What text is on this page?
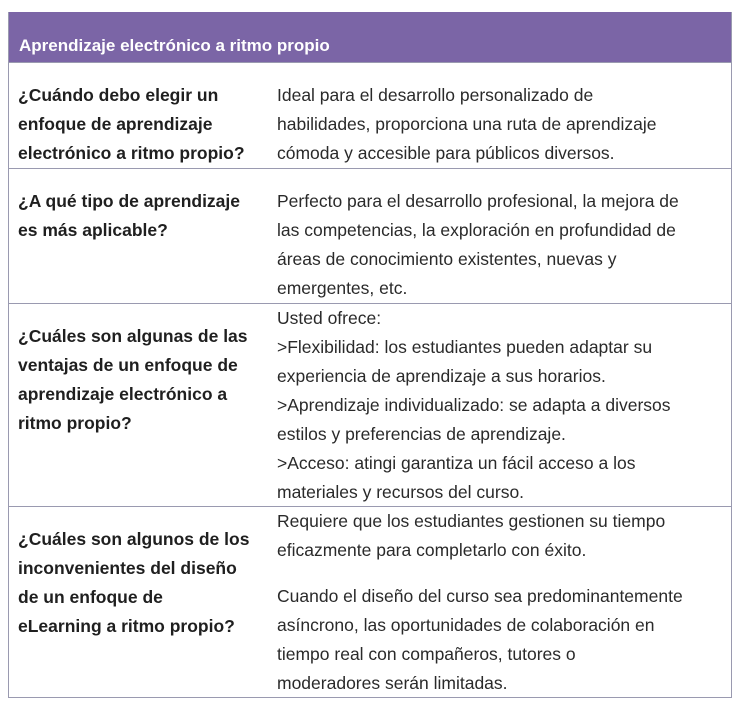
Aprendizaje electrónico a ritmo propio
¿Cuándo debo elegir un
enfoque de aprendizaje
electrónico a ritmo propio?
Ideal para el desarrollo personalizado de
habilidades, proporciona una ruta de aprendizaje
cómoda y accesible para públicos diversos.
¿A qué tipo de aprendizaje
es más aplicable?
Perfecto para el desarrollo profesional, la mejora de
las competencias, la exploración en profundidad de
áreas de conocimiento existentes, nuevas y
emergentes, etc.
¿Cuáles son algunas de las
ventajas de un enfoque de
aprendizaje electrónico a
ritmo propio?
Usted ofrece:
>Flexibilidad: los estudiantes pueden adaptar su
experiencia de aprendizaje a sus horarios.
>Aprendizaje individualizado: se adapta a diversos
estilos y preferencias de aprendizaje.
>Acceso: atingi garantiza un fácil acceso a los
materiales y recursos del curso.
¿Cuáles son algunos de los
inconvenientes del diseño
de un enfoque de
eLearning a ritmo propio?
Requiere que los estudiantes gestionen su tiempo
eficazmente para completarlo con éxito.
Cuando el diseño del curso sea predominantemente
asíncrono, las oportunidades de colaboración en
tiempo real con compañeros, tutores o
moderadores serán limitadas.
